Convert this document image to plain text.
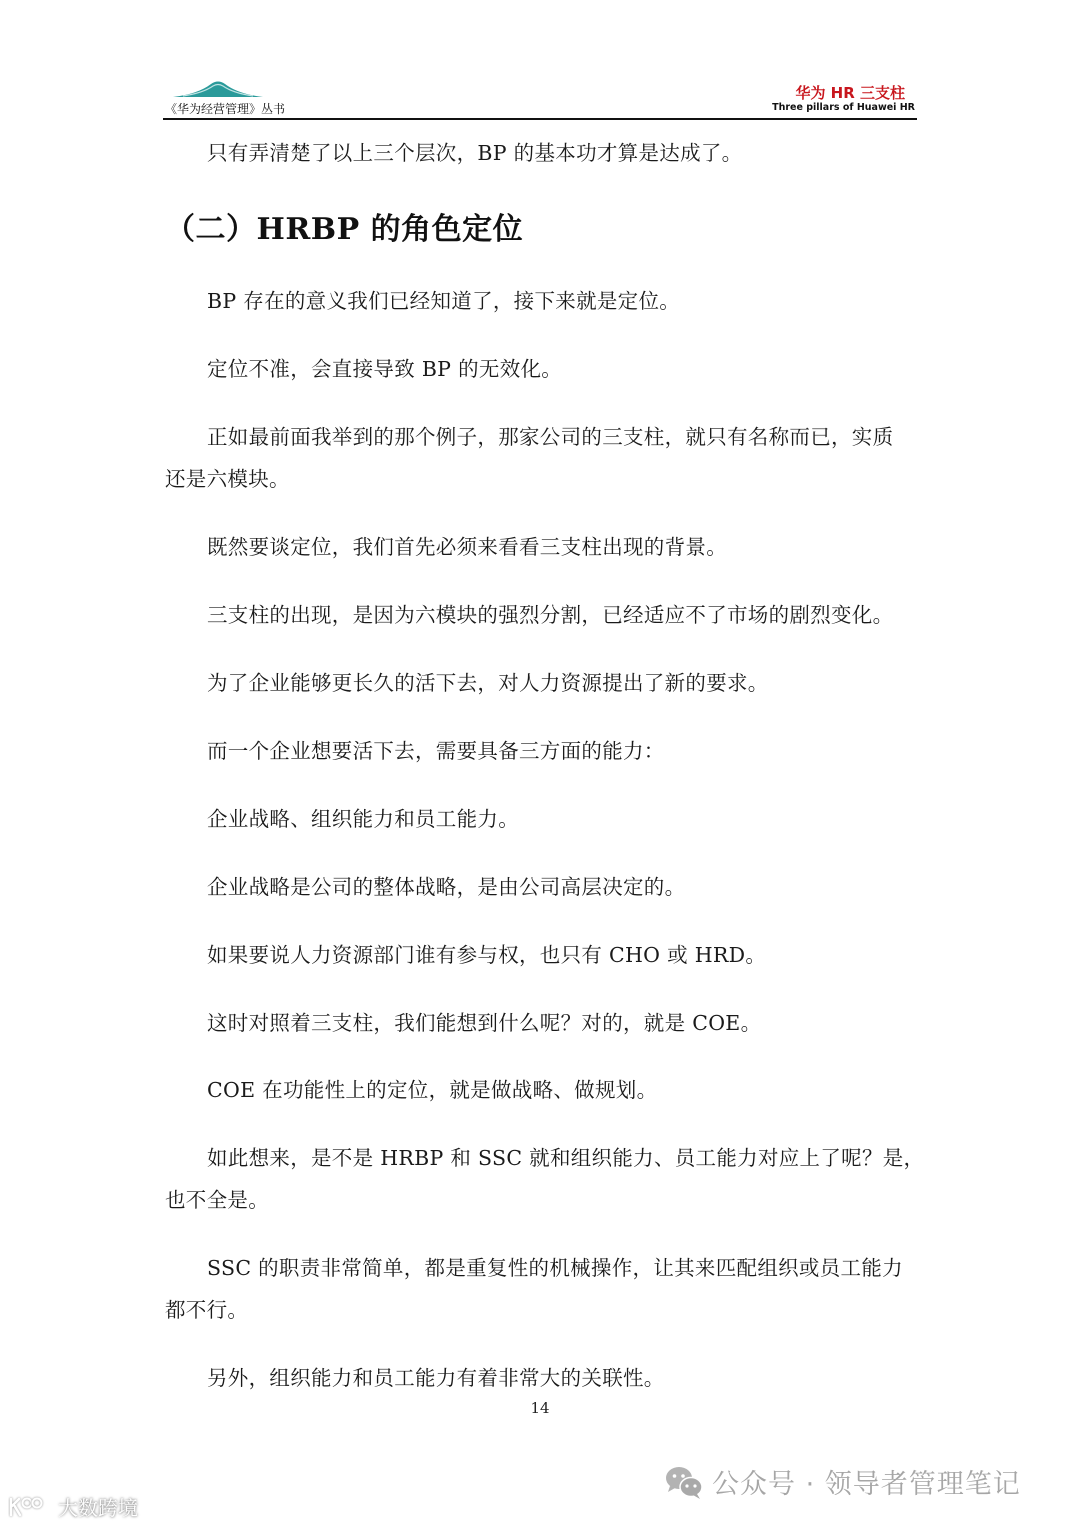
《华为经营管理》丛书
华为 HR 三支柱
Three pillars of Huawei HR
只有弄清楚了以上三个层次，BP 的基本功才算是达成了。
（二）HRBP 的角色定位
BP 存在的意义我们已经知道了，接下来就是定位。
定位不准，会直接导致 BP 的无效化。
正如最前面我举到的那个例子，那家公司的三支柱，就只有名称而已，实质
还是六模块。
既然要谈定位，我们首先必须来看看三支柱出现的背景。
三支柱的出现，是因为六模块的强烈分割，已经适应不了市场的剧烈变化。
为了企业能够更长久的活下去，对人力资源提出了新的要求。
而一个企业想要活下去，需要具备三方面的能力：
企业战略、组织能力和员工能力。
企业战略是公司的整体战略，是由公司高层决定的。
如果要说人力资源部门谁有参与权，也只有 CHO 或 HRD。
这时对照着三支柱，我们能想到什么呢？对的，就是 COE。
COE 在功能性上的定位，就是做战略、做规划。
如此想来，是不是 HRBP 和 SSC 就和组织能力、员工能力对应上了呢？是，
也不全是。
SSC 的职责非常简单，都是重复性的机械操作，让其来匹配组织或员工能力
都不行。
另外，组织能力和员工能力有着非常大的关联性。
14
公众号 · 领导者管理笔记
大数跨境
